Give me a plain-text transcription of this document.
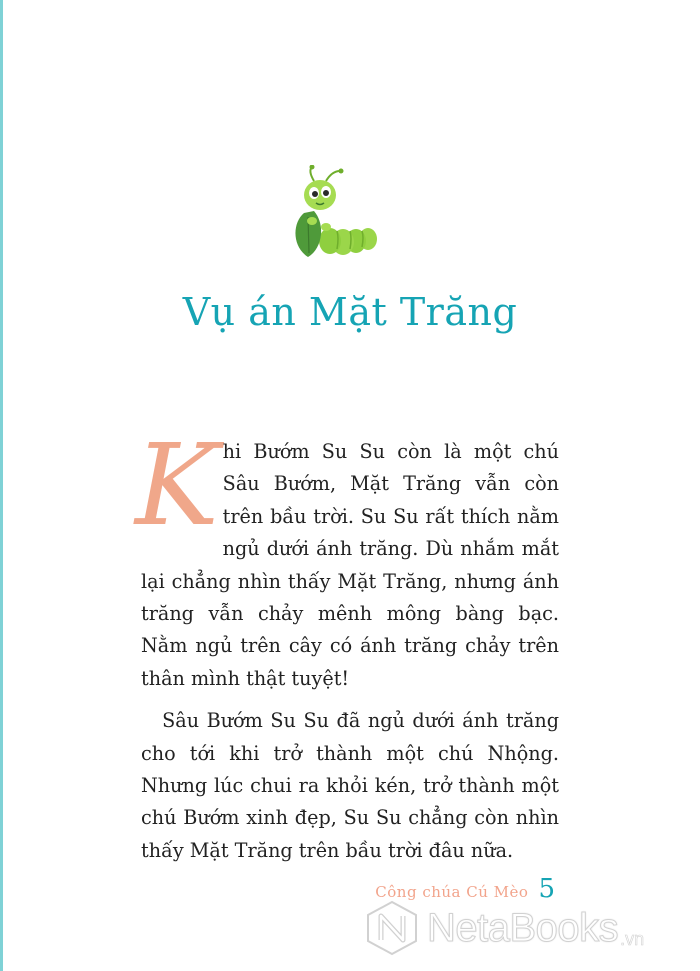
Vụ án Mặt Trăng

Khi Bướm Su Su còn là một chú Sâu Bướm, Mặt Trăng vẫn còn trên bầu trời. Su Su rất thích nằm ngủ dưới ánh trăng. Dù nhắm mắt lại chẳng nhìn thấy Mặt Trăng, nhưng ánh trăng vẫn chảy mênh mông bàng bạc. Nằm ngủ trên cây có ánh trăng chảy trên thân mình thật tuyệt!

Sâu Bướm Su Su đã ngủ dưới ánh trăng cho tới khi trở thành một chú Nhộng. Nhưng lúc chui ra khỏi kén, trở thành một chú Bướm xinh đẹp, Su Su chẳng còn nhìn thấy Mặt Trăng trên bầu trời đâu nữa.

Công chúa Cú Mèo 5
NetaBooks .vn
